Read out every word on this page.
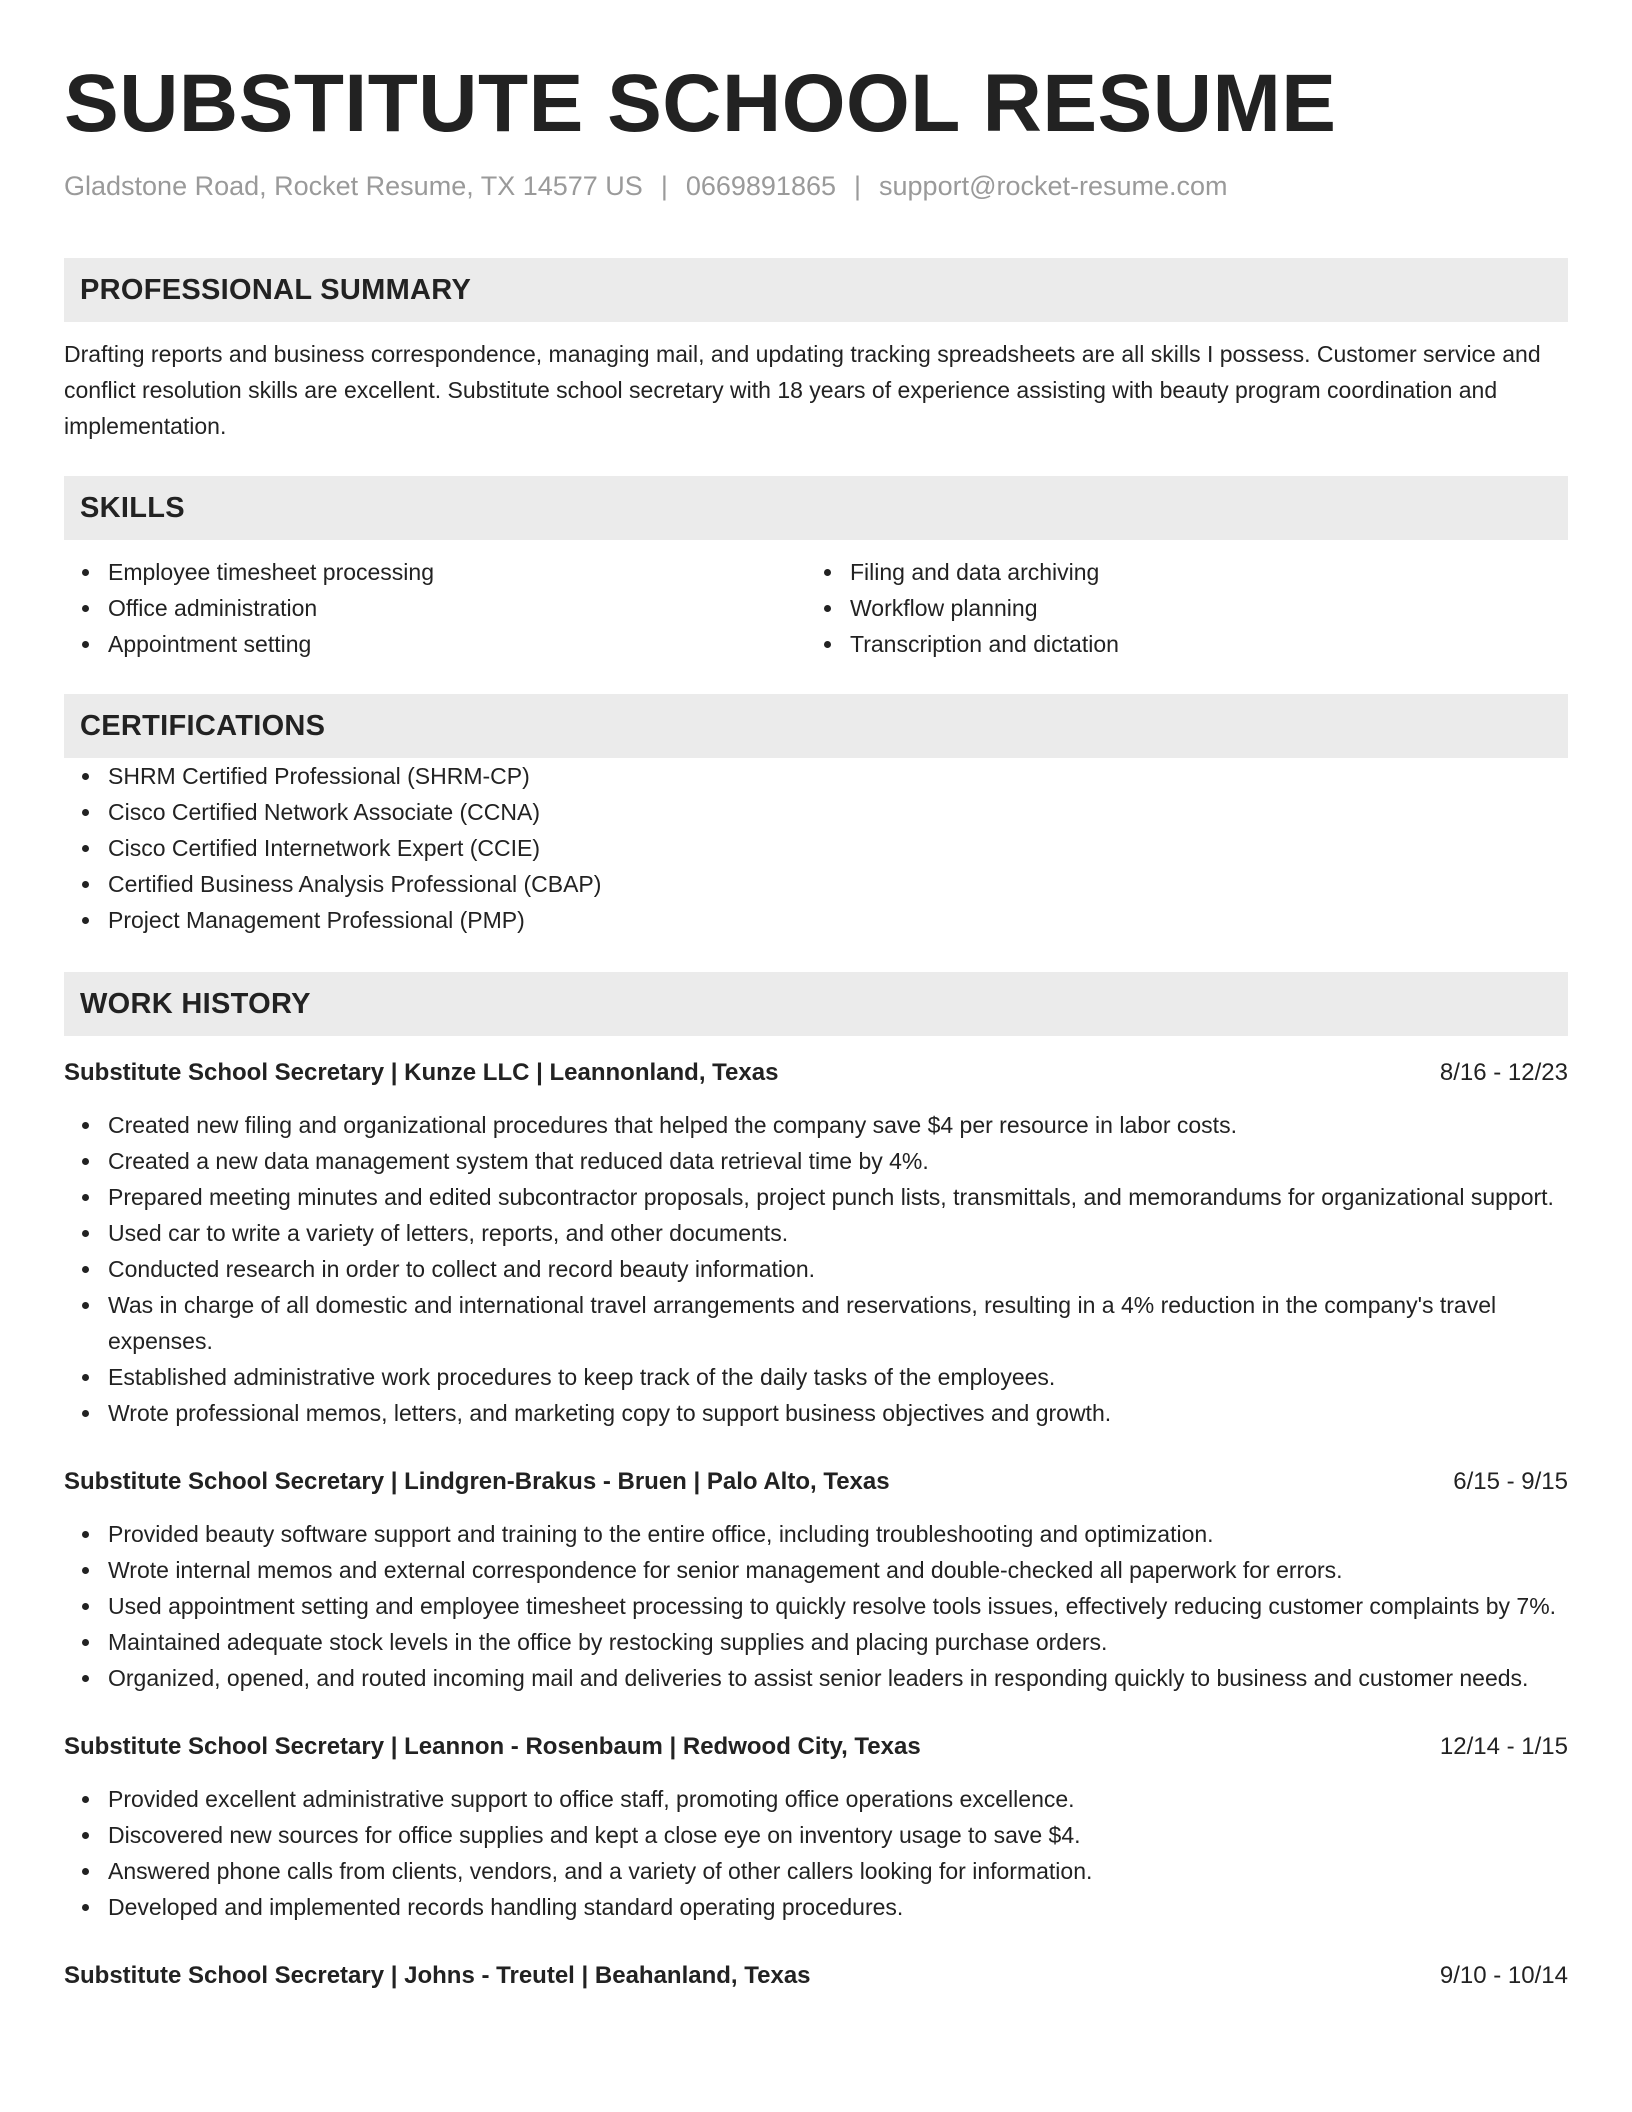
SUBSTITUTE SCHOOL RESUME
Gladstone Road, Rocket Resume, TX 14577 US | 0669891865 | support@rocket-resume.com
PROFESSIONAL SUMMARY
Drafting reports and business correspondence, managing mail, and updating tracking spreadsheets are all skills I possess. Customer service and conflict resolution skills are excellent. Substitute school secretary with 18 years of experience assisting with beauty program coordination and implementation.
SKILLS
Employee timesheet processing
Office administration
Appointment setting
Filing and data archiving
Workflow planning
Transcription and dictation
CERTIFICATIONS
SHRM Certified Professional (SHRM-CP)
Cisco Certified Network Associate (CCNA)
Cisco Certified Internetwork Expert (CCIE)
Certified Business Analysis Professional (CBAP)
Project Management Professional (PMP)
WORK HISTORY
Substitute School Secretary | Kunze LLC | Leannonland, Texas	8/16 - 12/23
Created new filing and organizational procedures that helped the company save $4 per resource in labor costs.
Created a new data management system that reduced data retrieval time by 4%.
Prepared meeting minutes and edited subcontractor proposals, project punch lists, transmittals, and memorandums for organizational support.
Used car to write a variety of letters, reports, and other documents.
Conducted research in order to collect and record beauty information.
Was in charge of all domestic and international travel arrangements and reservations, resulting in a 4% reduction in the company's travel expenses.
Established administrative work procedures to keep track of the daily tasks of the employees.
Wrote professional memos, letters, and marketing copy to support business objectives and growth.
Substitute School Secretary | Lindgren-Brakus - Bruen | Palo Alto, Texas	6/15 - 9/15
Provided beauty software support and training to the entire office, including troubleshooting and optimization.
Wrote internal memos and external correspondence for senior management and double-checked all paperwork for errors.
Used appointment setting and employee timesheet processing to quickly resolve tools issues, effectively reducing customer complaints by 7%.
Maintained adequate stock levels in the office by restocking supplies and placing purchase orders.
Organized, opened, and routed incoming mail and deliveries to assist senior leaders in responding quickly to business and customer needs.
Substitute School Secretary | Leannon - Rosenbaum | Redwood City, Texas	12/14 - 1/15
Provided excellent administrative support to office staff, promoting office operations excellence.
Discovered new sources for office supplies and kept a close eye on inventory usage to save $4.
Answered phone calls from clients, vendors, and a variety of other callers looking for information.
Developed and implemented records handling standard operating procedures.
Substitute School Secretary | Johns - Treutel | Beahanland, Texas	9/10 - 10/14
